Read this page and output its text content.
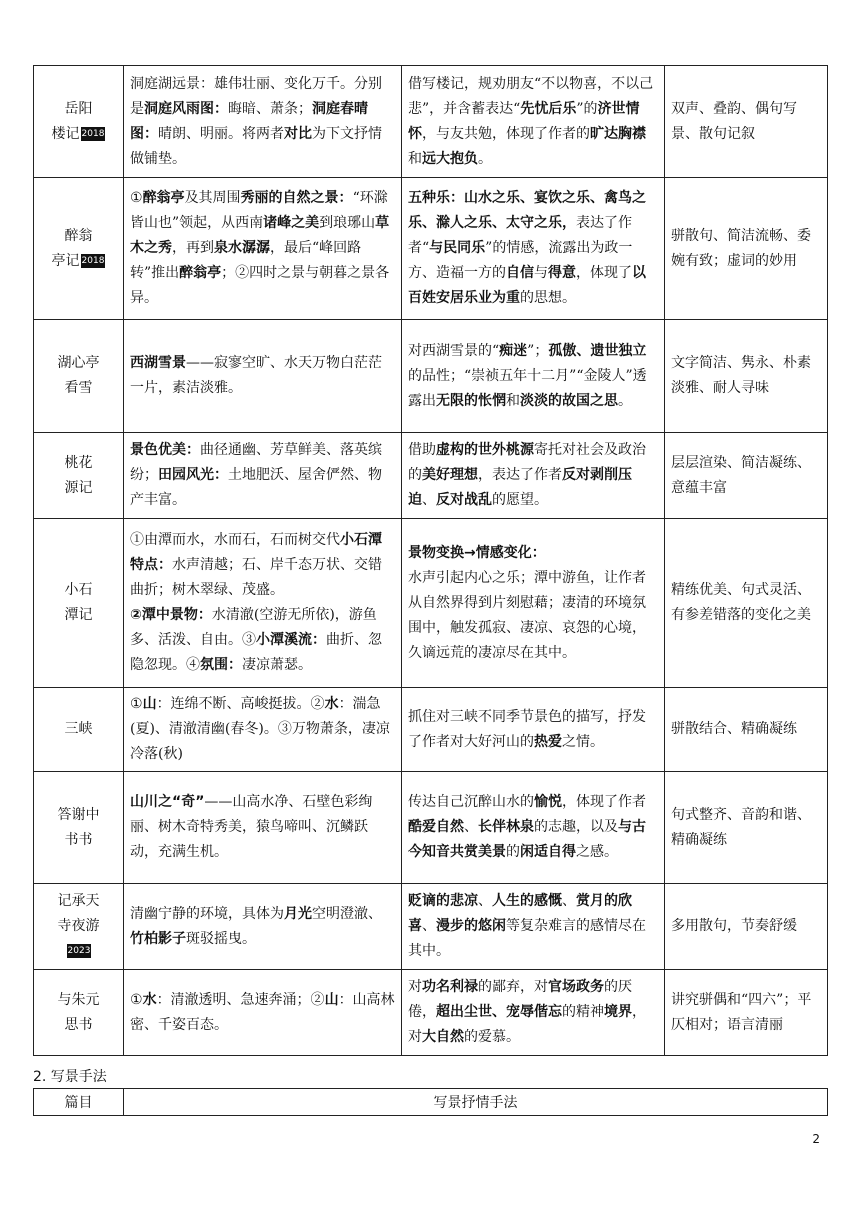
岳阳
楼记 2018	洞庭湖远景：雄伟壮丽、变化万千。分别是洞庭风雨图：晦暗、萧条；洞庭春晴图：晴朗、明丽。将两者对比为下文抒情做铺垫。	借写楼记，规劝朋友“不以物喜，不以己悲”，并含蓄表达“先忧后乐”的济世情怀，与友共勉，体现了作者的旷达胸襟和远大抱负。	双声、叠韵、偶句写景、散句记叙

醉翁
亭记 2018	①醉翁亭及其周围秀丽的自然之景：“环滁皆山也”领起，从西南诸峰之美到琅琊山草木之秀，再到泉水潺潺，最后“峰回路转”推出醉翁亭；②四时之景与朝暮之景各异。	五种乐：山水之乐、宴饮之乐、禽鸟之乐、滁人之乐、太守之乐，表达了作者“与民同乐”的情感，流露出为政一方、造福一方的自信与得意，体现了以百姓安居乐业为重的思想。	骈散句、简洁流畅、委婉有致；虚词的妙用

湖心亭
看雪	西湖雪景——寂寥空旷、水天万物白茫茫一片，素洁淡雅。	对西湖雪景的“痴迷”；孤傲、遗世独立的品性；“崇祯五年十二月”“金陵人”透露出无限的怅惘和淡淡的故国之思。	文字简洁、隽永、朴素淡雅、耐人寻味

桃花
源记	景色优美：曲径通幽、芳草鲜美、落英缤纷；田园风光：土地肥沃、屋舍俨然、物产丰富。	借助虚构的世外桃源寄托对社会及政治的美好理想，表达了作者反对剥削压迫、反对战乱的愿望。	层层渲染、简洁凝练、意蕴丰富

小石
潭记	①由潭而水，水而石，石而树交代小石潭特点：水声清越；石、岸千态万状、交错曲折；树木翠绿、茂盛。
②潭中景物：水清澈(空游无所依)，游鱼多、活泼、自由。③小潭溪流：曲折、忽隐忽现。④氛围：凄凉萧瑟。	景物变换→情感变化：
水声引起内心之乐；潭中游鱼，让作者从自然界得到片刻慰藉；凄清的环境氛围中，触发孤寂、凄凉、哀怨的心境，久谪远荒的凄凉尽在其中。	精练优美、句式灵活、有参差错落的变化之美

三峡	①山：连绵不断、高峻挺拔。②水：湍急(夏)、清澈清幽(春冬)。③万物萧条，凄凉冷落(秋)	抓住对三峡不同季节景色的描写，抒发了作者对大好河山的热爱之情。	骈散结合、精确凝练

答谢中
书书	山川之“奇”——山高水净、石壁色彩绚丽、树木奇特秀美，猿鸟啼叫、沉鳞跃动，充满生机。	传达自己沉醉山水的愉悦，体现了作者酷爱自然、长伴林泉的志趣，以及与古今知音共赏美景的闲适自得之感。	句式整齐、音韵和谐、精确凝练

记承天
寺夜游
2023	清幽宁静的环境，具体为月光空明澄澈、竹柏影子斑驳摇曳。	贬谪的悲凉、人生的感慨、赏月的欣喜、漫步的悠闲等复杂难言的感情尽在其中。	多用散句，节奏舒缓

与朱元
思书	①水：清澈透明、急速奔涌；②山：山高林密、千姿百态。	对功名利禄的鄙弃，对官场政务的厌倦，超出尘世、宠辱偕忘的精神境界，对大自然的爱慕。	讲究骈偶和“四六”；平仄相对；语言清丽
2. 写景手法
篇目	写景抒情手法
2
